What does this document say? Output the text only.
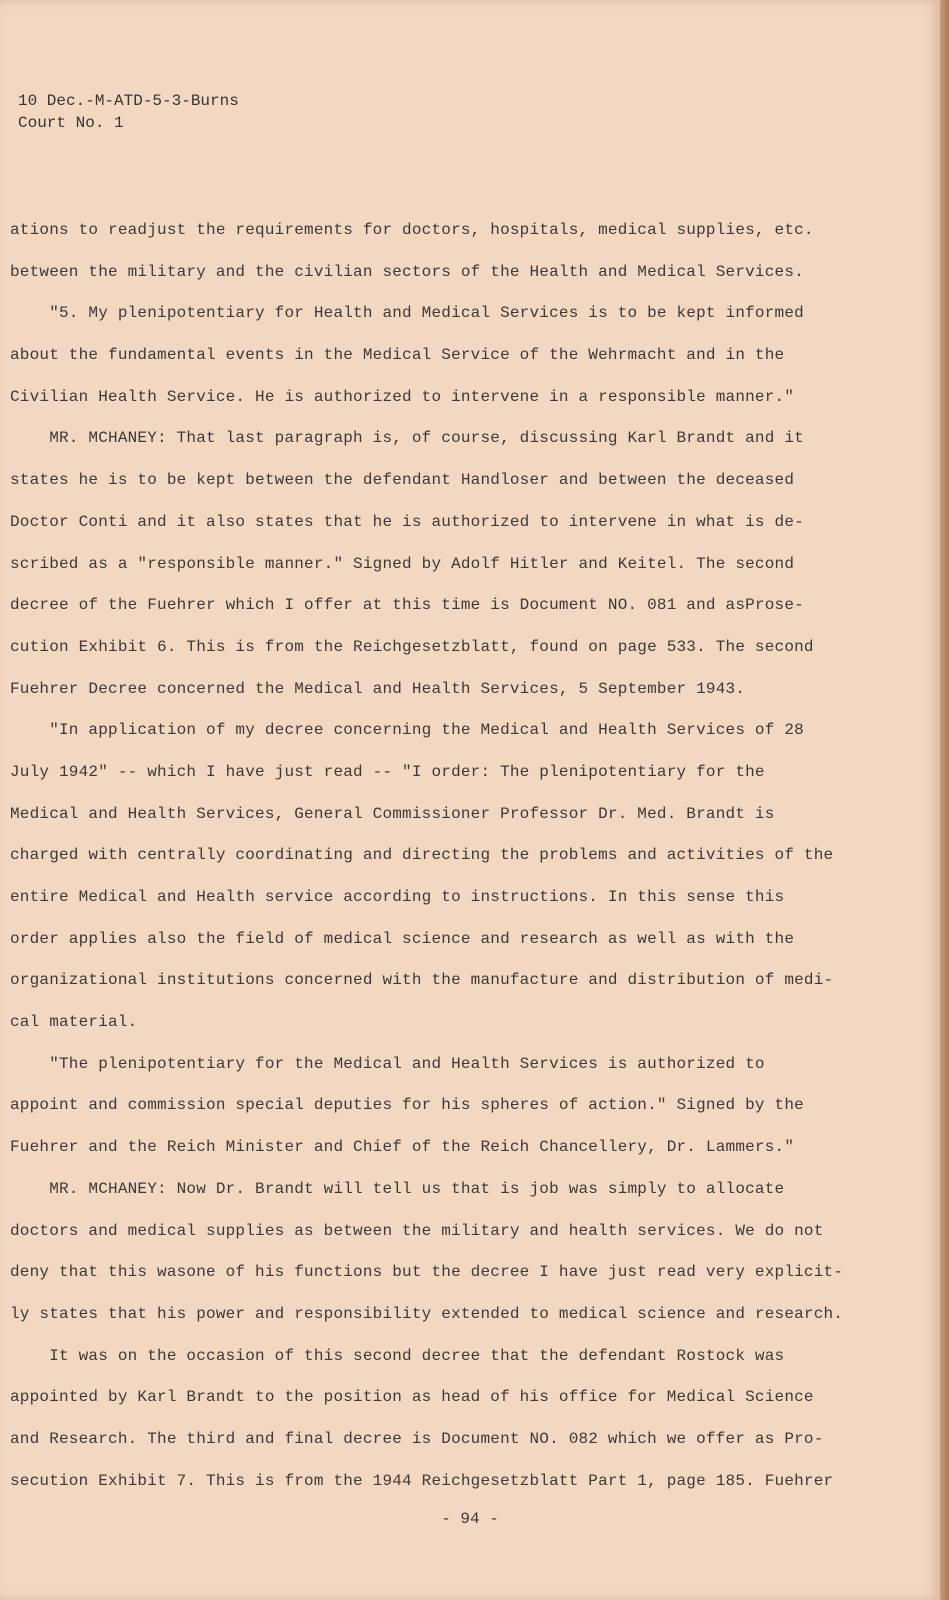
10 Dec.-M-ATD-5-3-Burns
Court No. 1
ations to readjust the requirements for doctors, hospitals, medical supplies, etc.
between the military and the civilian sectors of the Health and Medical Services.
"5. My plenipotentiary for Health and Medical Services is to be kept informed
about the fundamental events in the Medical Service of the Wehrmacht and in the
Civilian Health Service. He is authorized to intervene in a responsible manner."
MR. MCHANEY: That last paragraph is, of course, discussing Karl Brandt and it
states he is to be kept between the defendant Handloser and between the deceased
Doctor Conti and it also states that he is authorized to intervene in what is de-
scribed as a "responsible manner." Signed by Adolf Hitler and Keitel. The second
decree of the Fuehrer which I offer at this time is Document NO. 081 and asProse-
cution Exhibit 6. This is from the Reichgesetzblatt, found on page 533. The second
Fuehrer Decree concerned the Medical and Health Services, 5 September 1943.
"In application of my decree concerning the Medical and Health Services of 28
July 1942" -- which I have just read -- "I order: The plenipotentiary for the
Medical and Health Services, General Commissioner Professor Dr. Med. Brandt is
charged with centrally coordinating and directing the problems and activities of the
entire Medical and Health service according to instructions. In this sense this
order applies also the field of medical science and research as well as with the
organizational institutions concerned with the manufacture and distribution of medi-
cal material.
"The plenipotentiary for the Medical and Health Services is authorized to
appoint and commission special deputies for his spheres of action." Signed by the
Fuehrer and the Reich Minister and Chief of the Reich Chancellery, Dr. Lammers."
MR. MCHANEY: Now Dr. Brandt will tell us that is job was simply to allocate
doctors and medical supplies as between the military and health services. We do not
deny that this wasone of his functions but the decree I have just read very explicit-
ly states that his power and responsibility extended to medical science and research.
It was on the occasion of this second decree that the defendant Rostock was
appointed by Karl Brandt to the position as head of his office for Medical Science
and Research. The third and final decree is Document NO. 082 which we offer as Pro-
secution Exhibit 7. This is from the 1944 Reichgesetzblatt Part 1, page 185. Fuehrer
- 94 -
